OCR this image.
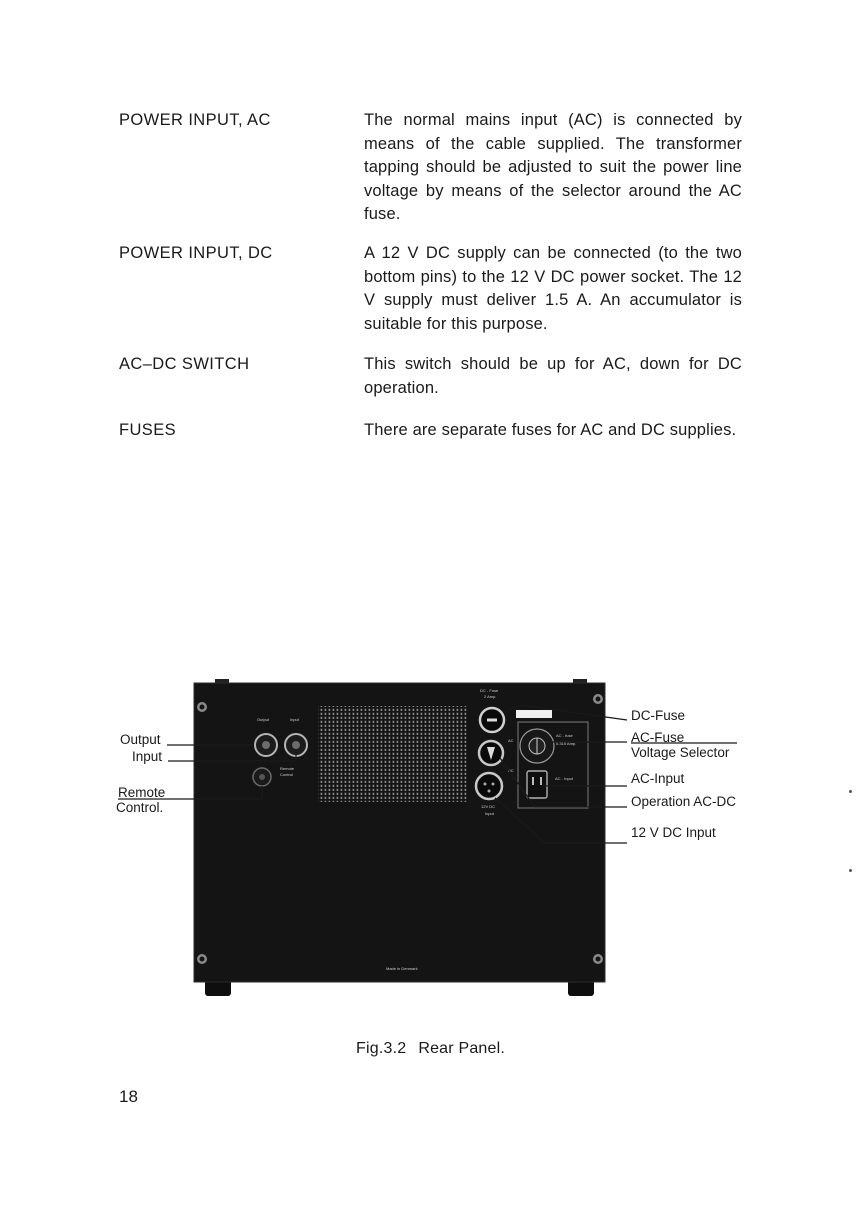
POWER INPUT, AC	The normal mains input (AC) is connected by means of the cable supplied. The transformer tapping should be adjusted to suit the power line voltage by means of the selector around the AC fuse.
POWER INPUT, DC	A 12 V DC supply can be connected (to the two bottom pins) to the 12 V DC power socket. The 12 V supply must deliver 1.5 A. An accumulator is suitable for this purpose.
AC–DC SWITCH	This switch should be up for AC, down for DC operation.
FUSES	There are separate fuses for AC and DC supplies.
Output	Input
Remote
Control
DC - Fuse
2 Amp.
AC - fuse
0.315 Amp.
AC - Input
AC
DC
12V DC
Input
Made in Denmark
Output
Input
Remote
Control.
DC-Fuse
AC-Fuse
Voltage Selector
AC-Input
Operation AC-DC
12 V DC Input
Fig.3.2 Rear Panel.
18
